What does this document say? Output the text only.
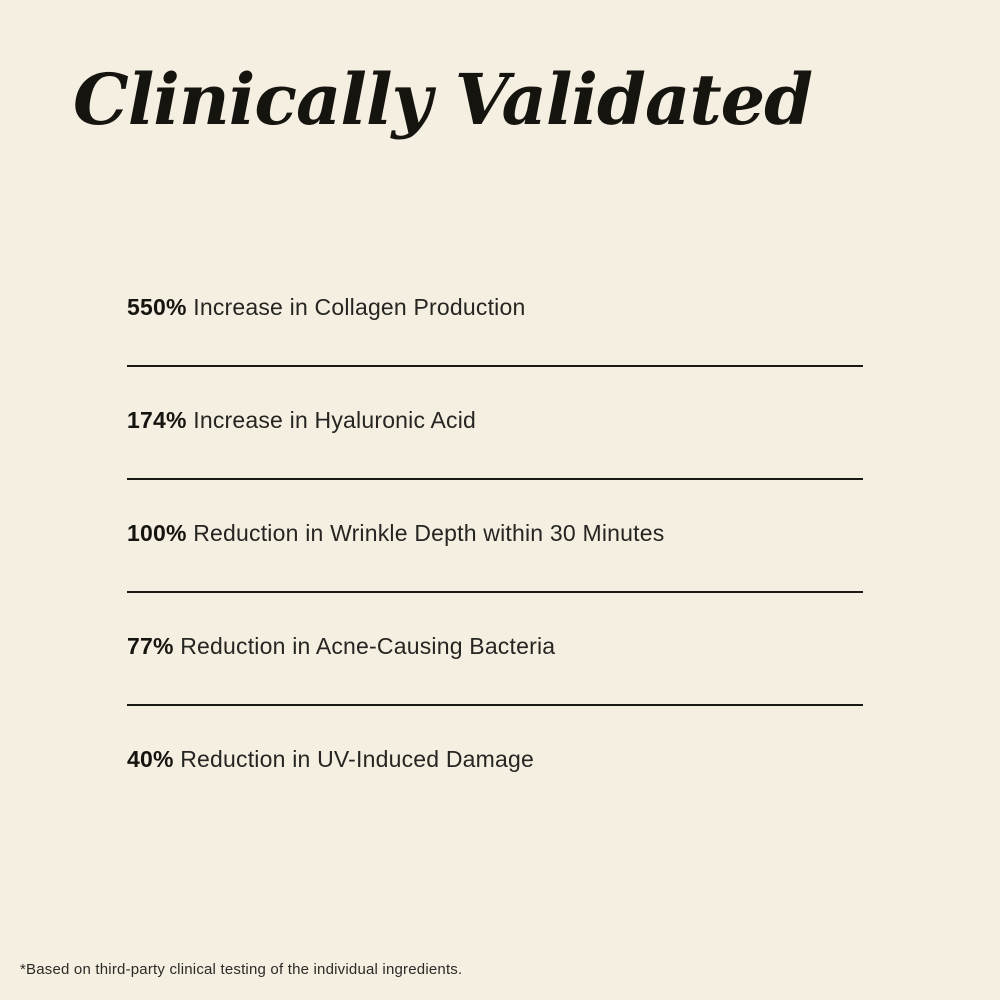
Clinically Validated
550% Increase in Collagen Production
174% Increase in Hyaluronic Acid
100% Reduction in Wrinkle Depth within 30 Minutes
77% Reduction in Acne-Causing Bacteria
40% Reduction in UV-Induced Damage
*Based on third-party clinical testing of the individual ingredients.
